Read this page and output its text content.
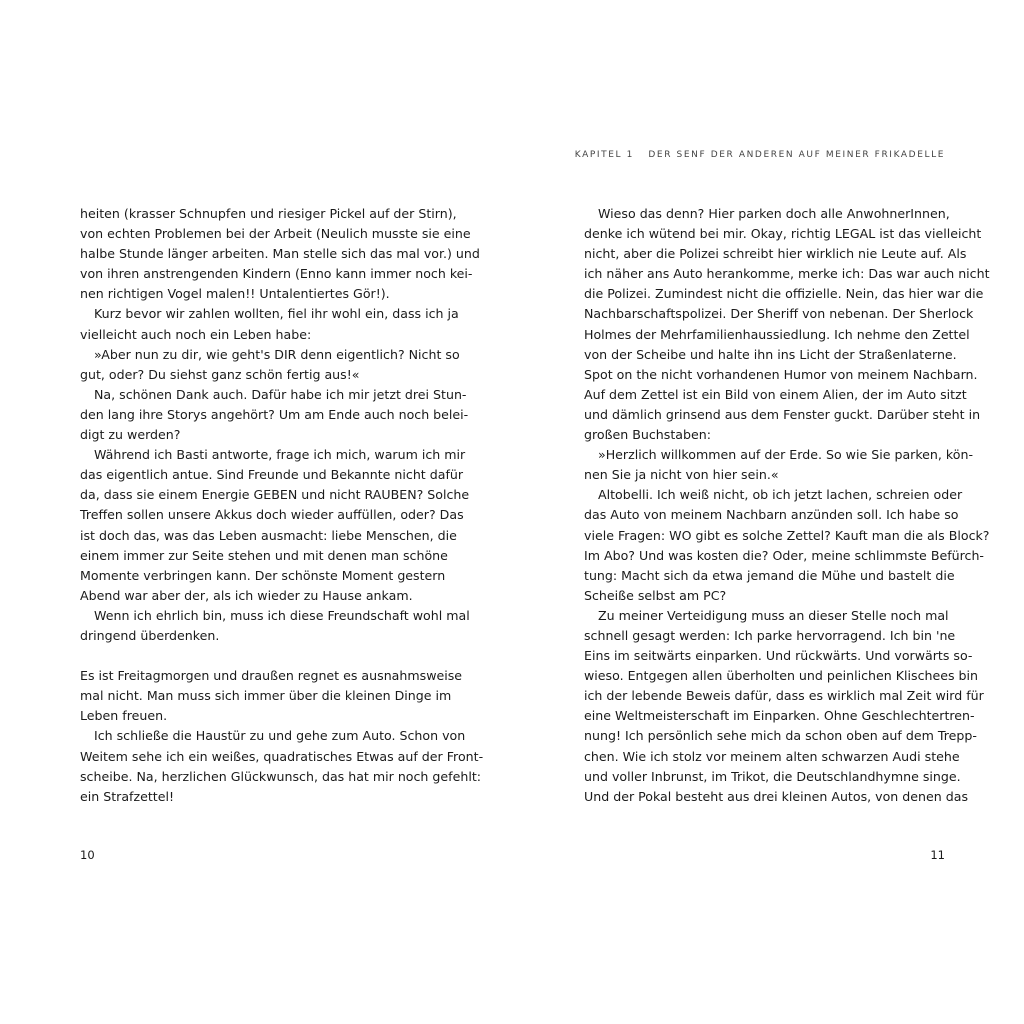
heiten (krasser Schnupfen und riesiger Pickel auf der Stirn),
von echten Problemen bei der Arbeit (Neulich musste sie eine
halbe Stunde länger arbeiten. Man stelle sich das mal vor.) und
von ihren anstrengenden Kindern (Enno kann immer noch kei-
nen richtigen Vogel malen!! Untalentiertes Gör!).
Kurz bevor wir zahlen wollten, fiel ihr wohl ein, dass ich ja
vielleicht auch noch ein Leben habe:
»Aber nun zu dir, wie geht's DIR denn eigentlich? Nicht so
gut, oder? Du siehst ganz schön fertig aus!«
Na, schönen Dank auch. Dafür habe ich mir jetzt drei Stun-
den lang ihre Storys angehört? Um am Ende auch noch belei-
digt zu werden?
Während ich Basti antworte, frage ich mich, warum ich mir
das eigentlich antue. Sind Freunde und Bekannte nicht dafür
da, dass sie einem Energie GEBEN und nicht RAUBEN? Solche
Treffen sollen unsere Akkus doch wieder auffüllen, oder? Das
ist doch das, was das Leben ausmacht: liebe Menschen, die
einem immer zur Seite stehen und mit denen man schöne
Momente verbringen kann. Der schönste Moment gestern
Abend war aber der, als ich wieder zu Hause ankam.
Wenn ich ehrlich bin, muss ich diese Freundschaft wohl mal
dringend überdenken.
Es ist Freitagmorgen und draußen regnet es ausnahmsweise
mal nicht. Man muss sich immer über die kleinen Dinge im
Leben freuen.
Ich schließe die Haustür zu und gehe zum Auto. Schon von
Weitem sehe ich ein weißes, quadratisches Etwas auf der Front-
scheibe. Na, herzlichen Glückwunsch, das hat mir noch gefehlt:
ein Strafzettel!
10
KAPITEL 1 DER SENF DER ANDEREN AUF MEINER FRIKADELLE
Wieso das denn? Hier parken doch alle AnwohnerInnen,
denke ich wütend bei mir. Okay, richtig LEGAL ist das vielleicht
nicht, aber die Polizei schreibt hier wirklich nie Leute auf. Als
ich näher ans Auto herankomme, merke ich: Das war auch nicht
die Polizei. Zumindest nicht die offizielle. Nein, das hier war die
Nachbarschaftspolizei. Der Sheriff von nebenan. Der Sherlock
Holmes der Mehrfamilienhaussiedlung. Ich nehme den Zettel
von der Scheibe und halte ihn ins Licht der Straßenlaterne.
Spot on the nicht vorhandenen Humor von meinem Nachbarn.
Auf dem Zettel ist ein Bild von einem Alien, der im Auto sitzt
und dämlich grinsend aus dem Fenster guckt. Darüber steht in
großen Buchstaben:
»Herzlich willkommen auf der Erde. So wie Sie parken, kön-
nen Sie ja nicht von hier sein.«
Altobelli. Ich weiß nicht, ob ich jetzt lachen, schreien oder
das Auto von meinem Nachbarn anzünden soll. Ich habe so
viele Fragen: WO gibt es solche Zettel? Kauft man die als Block?
Im Abo? Und was kosten die? Oder, meine schlimmste Befürch-
tung: Macht sich da etwa jemand die Mühe und bastelt die
Scheiße selbst am PC?
Zu meiner Verteidigung muss an dieser Stelle noch mal
schnell gesagt werden: Ich parke hervorragend. Ich bin 'ne
Eins im seitwärts einparken. Und rückwärts. Und vorwärts so-
wieso. Entgegen allen überholten und peinlichen Klischees bin
ich der lebende Beweis dafür, dass es wirklich mal Zeit wird für
eine Weltmeisterschaft im Einparken. Ohne Geschlechtertren-
nung! Ich persönlich sehe mich da schon oben auf dem Trepp-
chen. Wie ich stolz vor meinem alten schwarzen Audi stehe
und voller Inbrunst, im Trikot, die Deutschlandhymne singe.
Und der Pokal besteht aus drei kleinen Autos, von denen das
11
